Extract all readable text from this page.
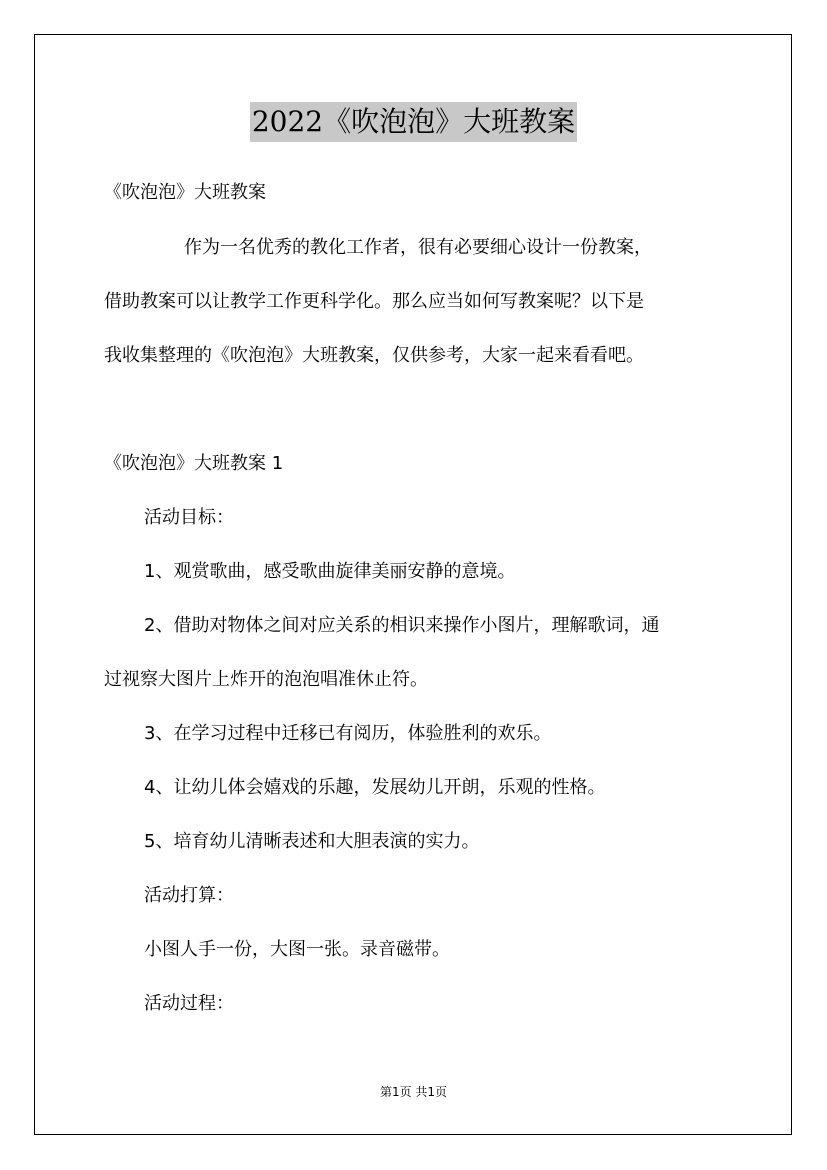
2022《吹泡泡》大班教案
《吹泡泡》大班教案
作为一名优秀的教化工作者，很有必要细心设计一份教案，
借助教案可以让教学工作更科学化。那么应当如何写教案呢？以下是
我收集整理的《吹泡泡》大班教案，仅供参考，大家一起来看看吧。
《吹泡泡》大班教案 1
活动目标：
1、观赏歌曲，感受歌曲旋律美丽安静的意境。
2、借助对物体之间对应关系的相识来操作小图片，理解歌词，通
过视察大图片上炸开的泡泡唱准休止符。
3、在学习过程中迁移已有阅历，体验胜利的欢乐。
4、让幼儿体会嬉戏的乐趣，发展幼儿开朗，乐观的性格。
5、培育幼儿清晰表述和大胆表演的实力。
活动打算：
小图人手一份，大图一张。录音磁带。
活动过程：
第1页 共1页
